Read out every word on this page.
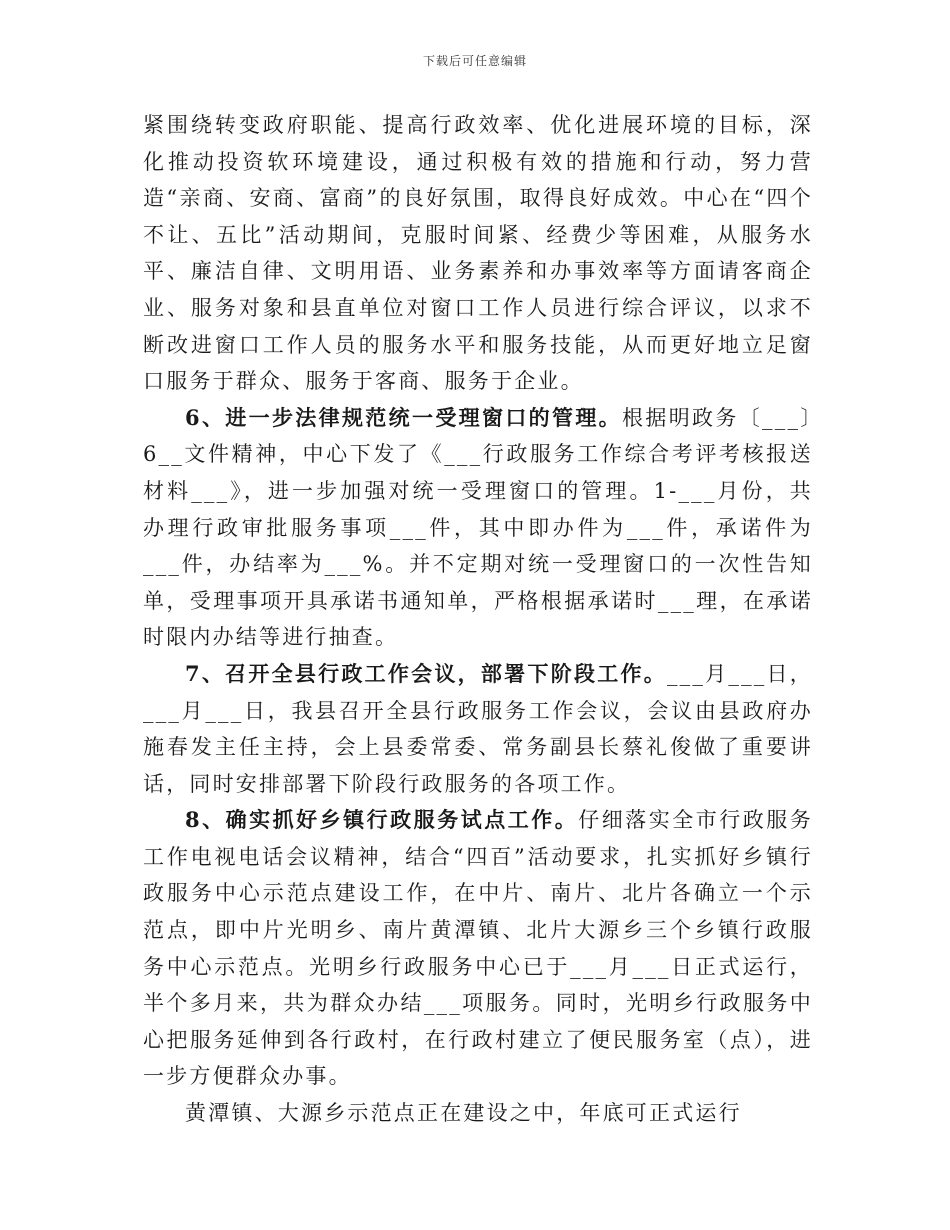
下载后可任意编辑

紧围绕转变政府职能、提高行政效率、优化进展环境的目标，深化推动投资软环境建设，通过积极有效的措施和行动，努力营造“亲商、安商、富商”的良好氛围，取得良好成效。中心在“四个不让、五比”活动期间，克服时间紧、经费少等困难，从服务水平、廉洁自律、文明用语、业务素养和办事效率等方面请客商企业、服务对象和县直单位对窗口工作人员进行综合评议，以求不断改进窗口工作人员的服务水平和服务技能，从而更好地立足窗口服务于群众、服务于客商、服务于企业。

6、进一步法律规范统一受理窗口的管理。根据明政务〔___〕6__文件精神，中心下发了《___行政服务工作综合考评考核报送材料___》，进一步加强对统一受理窗口的管理。1-___月份，共办理行政审批服务事项___件，其中即办件为___件，承诺件为___件，办结率为___%。并不定期对统一受理窗口的一次性告知单，受理事项开具承诺书通知单，严格根据承诺时___理，在承诺时限内办结等进行抽查。

7、召开全县行政工作会议，部署下阶段工作。___月___日，___月___日，我县召开全县行政服务工作会议，会议由县政府办施春发主任主持，会上县委常委、常务副县长蔡礼俊做了重要讲话，同时安排部署下阶段行政服务的各项工作。

8、确实抓好乡镇行政服务试点工作。仔细落实全市行政服务工作电视电话会议精神，结合“四百”活动要求，扎实抓好乡镇行政服务中心示范点建设工作，在中片、南片、北片各确立一个示范点，即中片光明乡、南片黄潭镇、北片大源乡三个乡镇行政服务中心示范点。光明乡行政服务中心已于___月___日正式运行，半个多月来，共为群众办结___项服务。同时，光明乡行政服务中心把服务延伸到各行政村，在行政村建立了便民服务室（点），进一步方便群众办事。

黄潭镇、大源乡示范点正在建设之中，年底可正式运行
